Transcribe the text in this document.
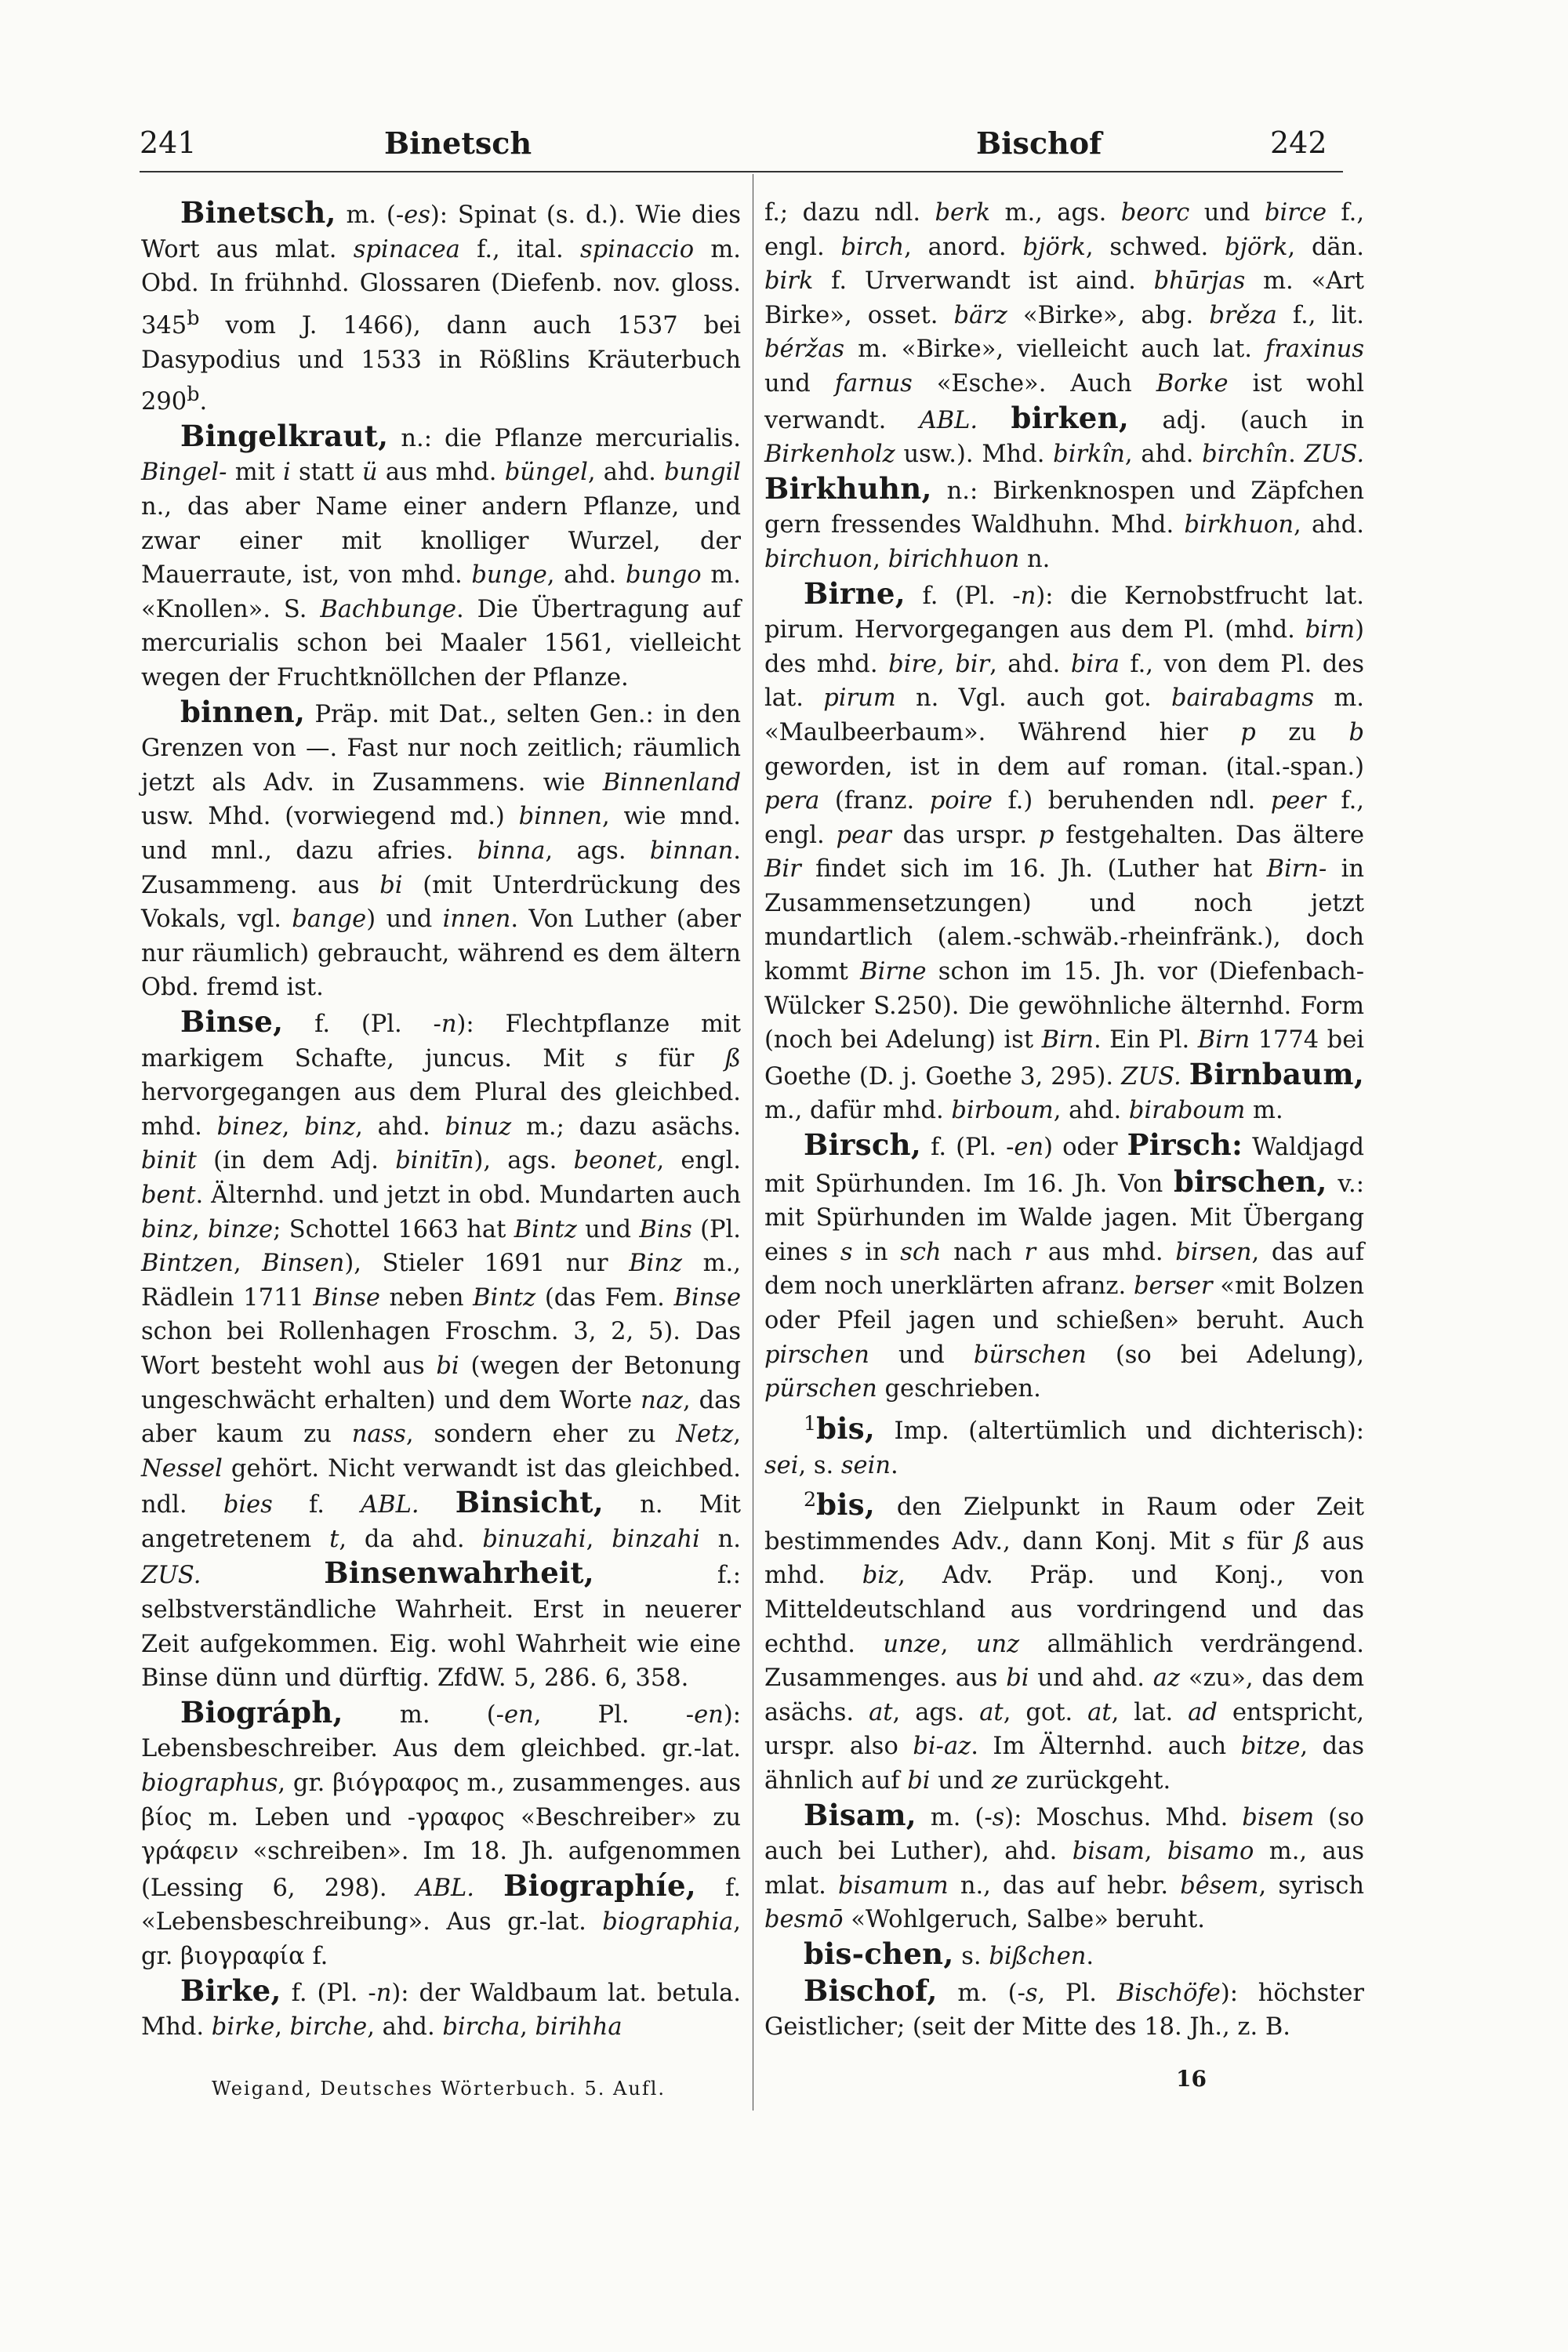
241	Binetsch	Bischof	242

Binetsch, m. (-es): Spinat (s. d.). Wie dies Wort aus mlat. spinacea f., ital. spinaccio m. Obd. In frühnhd. Glossaren (Diefenb. nov. gloss. 345$^b$ vom J. 1466), dann auch 1537 bei Dasypodius und 1533 in Rößlins Kräuterbuch 290$^b$.

Bingelkraut, n.: die Pflanze mercurialis. Bingel- mit i statt ü aus mhd. büngel, ahd. bungil n., das aber Name einer andern Pflanze, und zwar einer mit knolliger Wurzel, der Mauerraute, ist, von mhd. bunge, ahd. bungo m. «Knollen». S. Bachbunge. Die Übertragung auf mercurialis schon bei Maaler 1561, vielleicht wegen der Fruchtknöllchen der Pflanze.

binnen, Präp. mit Dat., selten Gen.: in den Grenzen von —. Fast nur noch zeitlich; räumlich jetzt als Adv. in Zusammens. wie Binnenland usw. Mhd. (vorwiegend md.) binnen, wie mnd. und mnl., dazu afries. binna, ags. binnan. Zusammeng. aus bi (mit Unterdrückung des Vokals, vgl. bange) und innen. Von Luther (aber nur räumlich) gebraucht, während es dem ältern Obd. fremd ist.

Binse, f. (Pl. -n): Flechtpflanze mit markigem Schafte, juncus. Mit s für ß hervorgegangen aus dem Plural des gleichbed. mhd. binez, binz, ahd. binuz m.; dazu asächs. binit (in dem Adj. binitīn), ags. beonet, engl. bent. Älternhd. und jetzt in obd. Mundarten auch binz, binze; Schottel 1663 hat Bintz und Bins (Pl. Bintzen, Binsen), Stieler 1691 nur Binz m., Rädlein 1711 Binse neben Bintz (das Fem. Binse schon bei Rollenhagen Froschm. 3, 2, 5). Das Wort besteht wohl aus bi (wegen der Betonung ungeschwächt erhalten) und dem Worte naz, das aber kaum zu nass, sondern eher zu Netz, Nessel gehört. Nicht verwandt ist das gleichbed. ndl. bies f. ABL. Binsicht, n. Mit angetretenem t, da ahd. binuzahi, binzahi n. ZUS.	Binsenwahrheit, f.: selbstverständliche Wahrheit. Erst in neuerer Zeit aufgekommen. Eig. wohl Wahrheit wie eine Binse dünn und dürftig. ZfdW. 5, 286. 6, 358.

Biográph, m. (-en, Pl. -en): Lebensbeschreiber. Aus dem gleichbed. gr.-lat. biographus, gr. βιόγραφος m., zusammenges. aus βίος m. Leben und -γραφος «Beschreiber» zu γράφειν «schreiben». Im 18. Jh. aufgenommen (Lessing 6, 298). ABL. Biographíe, f. «Lebensbeschreibung». Aus gr.-lat. biographia, gr. βιογραφία f.

Birke, f. (Pl. -n): der Waldbaum lat. betula. Mhd. birke, birche, ahd. bircha, birihha

f.; dazu ndl. berk m., ags. beorc und birce f., engl. birch, anord. björk, schwed. björk, dän. birk f. Urverwandt ist aind. bhūrjas m. «Art Birke», osset. bärz «Birke», abg. brěza f., lit. béržas m. «Birke», vielleicht auch lat. fraxinus und farnus «Esche». Auch Borke ist wohl verwandt. ABL. birken, adj. (auch in Birkenholz usw.). Mhd. birkîn, ahd. birchîn. ZUS. Birkhuhn, n.: Birkenknospen und Zäpfchen gern fressendes Waldhuhn. Mhd. birkhuon, ahd. birchuon, birichhuon n.

Birne, f. (Pl. -n): die Kernobstfrucht lat. pirum. Hervorgegangen aus dem Pl. (mhd. birn) des mhd. bire, bir, ahd. bira f., von dem Pl. des lat. pirum n. Vgl. auch got. bairabagms m. «Maulbeerbaum». Während hier p zu b geworden, ist in dem auf roman. (ital.-span.) pera (franz. poire f.) beruhenden ndl. peer f., engl. pear das urspr. p festgehalten. Das ältere Bir findet sich im 16. Jh. (Luther hat Birn- in Zusammensetzungen) und noch jetzt mundartlich (alem.-schwäb.-rheinfränk.), doch kommt Birne schon im 15. Jh. vor (Diefenbach-Wülcker S.250). Die gewöhnliche älternhd. Form (noch bei Adelung) ist Birn. Ein Pl. Birn 1774 bei Goethe (D. j. Goethe 3, 295). ZUS. Birnbaum, m., dafür mhd. birboum, ahd. biraboum m.

Birsch, f. (Pl. -en) oder Pirsch: Waldjagd mit Spürhunden. Im 16. Jh. Von birschen, v.: mit Spürhunden im Walde jagen. Mit Übergang eines s in sch nach r aus mhd. birsen, das auf dem noch unerklärten afranz. berser «mit Bolzen oder Pfeil jagen und schießen» beruht. Auch pirschen und bürschen (so bei Adelung), pürschen geschrieben.

$^1$bis, Imp. (altertümlich und dichterisch): sei, s. sein.

$^2$bis, den Zielpunkt in Raum oder Zeit bestimmendes Adv., dann Konj. Mit s für ß aus mhd. biz, Adv. Präp. und Konj., von Mitteldeutschland aus vordringend und das echthd. unze, unz allmählich verdrängend. Zusammenges. aus bi und ahd. az «zu», das dem asächs. at, ags. at, got. at, lat. ad entspricht, urspr. also bi-az. Im Älternhd. auch bitze, das ähnlich auf bi und ze zurückgeht.

Bisam, m. (-s): Moschus. Mhd. bisem (so auch bei Luther), ahd. bisam, bisamo m., aus mlat. bisamum n., das auf hebr. bêsem, syrisch besmō «Wohlgeruch, Salbe» beruht.

bis-chen, s. bißchen.

Bischof, m. (-s, Pl. Bischöfe): höchster Geistlicher; (seit der Mitte des 18. Jh., z. B.

Weigand, Deutsches Wörterbuch. 5. Aufl.	16
